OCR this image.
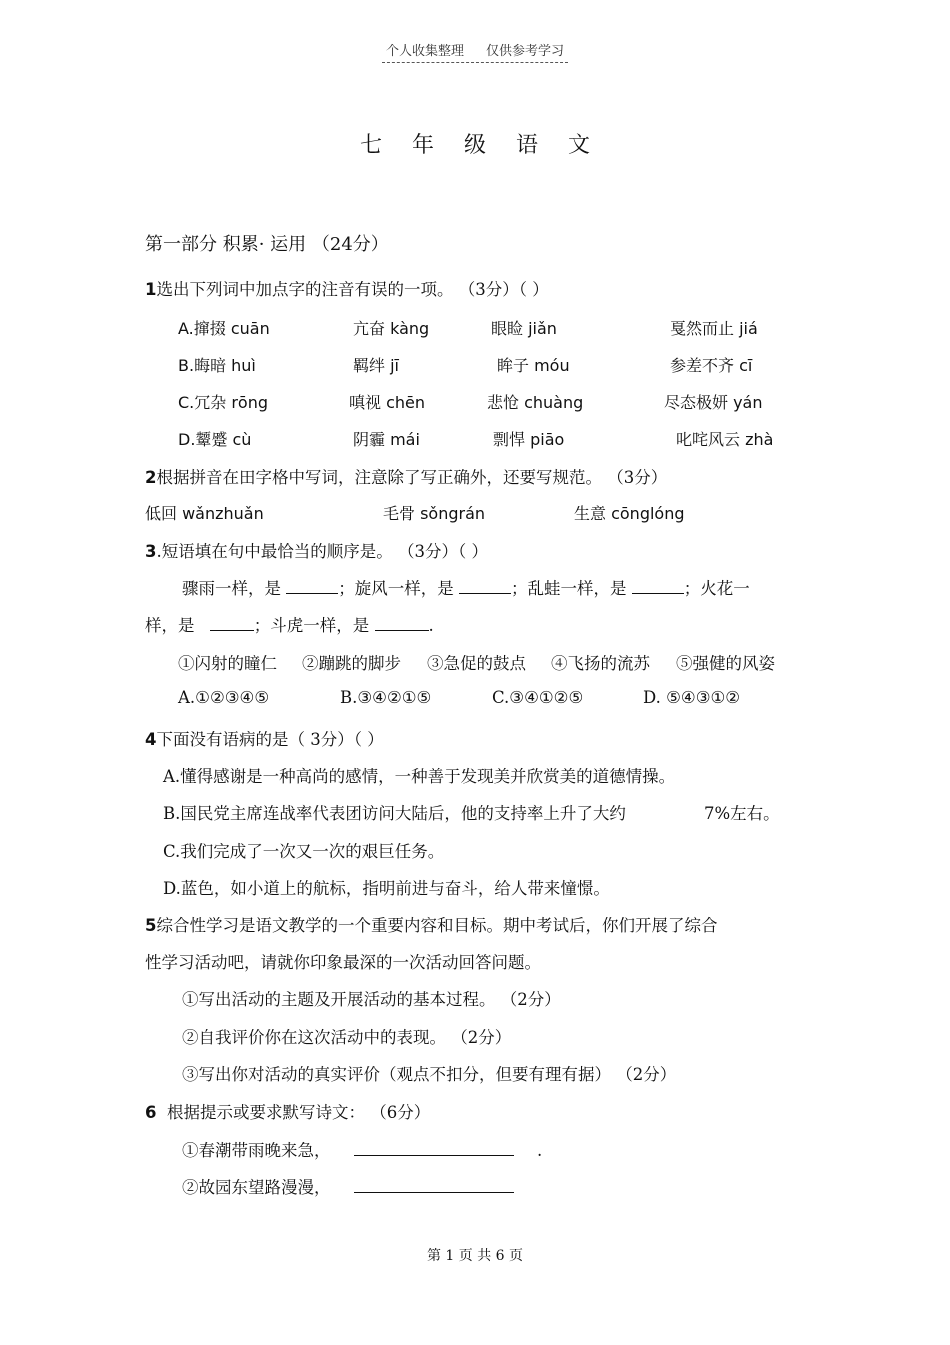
个人收集整理 仅供参考学习
七年级语文
第一部分 积累· 运用 （24分）
1选出下列词中加点字的注音有误的一项。 （3分）（ ）
A.撺掇 cuān	亢奋 kàng	眼睑 jiǎn	戛然而止 jiá
B.晦暗 huì	羁绊 jī	眸子 móu	参差不齐 cī
C.冗杂 rōng	嗔视 chēn	悲怆 chuàng	尽态极妍 yán
D.颦蹙 cù	阴霾 mái	剽悍 piāo	叱咤风云 zhà
2根据拼音在田字格中写词，注意除了写正确外，还要写规范。 （3分）
低回 wǎnzhuǎn	毛骨 sǒngrán	生意 cōnglóng
3.短语填在句中最恰当的顺序是。 （3分）（ ）
骤雨一样，是	；旋风一样，是	；乱蛙一样，是	；火花一
样，是	；斗虎一样，是	.
①闪射的瞳仁 ②蹦跳的脚步 ③急促的鼓点 ④飞扬的流苏 ⑤强健的风姿
A.①②③④⑤	B.③④②①⑤	C.③④①②⑤	D. ⑤④③①②
4下面没有语病的是（ 3分）（ ）
A.懂得感谢是一种高尚的感情，一种善于发现美并欣赏美的道德情操。
B.国民党主席连战率代表团访问大陆后，他的支持率上升了大约	7%左右。
C.我们完成了一次又一次的艰巨任务。
D.蓝色，如小道上的航标，指明前进与奋斗，给人带来憧憬。
5综合性学习是语文教学的一个重要内容和目标。期中考试后，你们开展了综合
性学习活动吧，请就你印象最深的一次活动回答问题。
①写出活动的主题及开展活动的基本过程。 （2分）
②自我评价你在这次活动中的表现。 （2分）
③写出你对活动的真实评价（观点不扣分，但要有理有据） （2分）
6 根据提示或要求默写诗文： （6分）
①春潮带雨晚来急，	.
②故园东望路漫漫，
第 1 页 共 6 页
